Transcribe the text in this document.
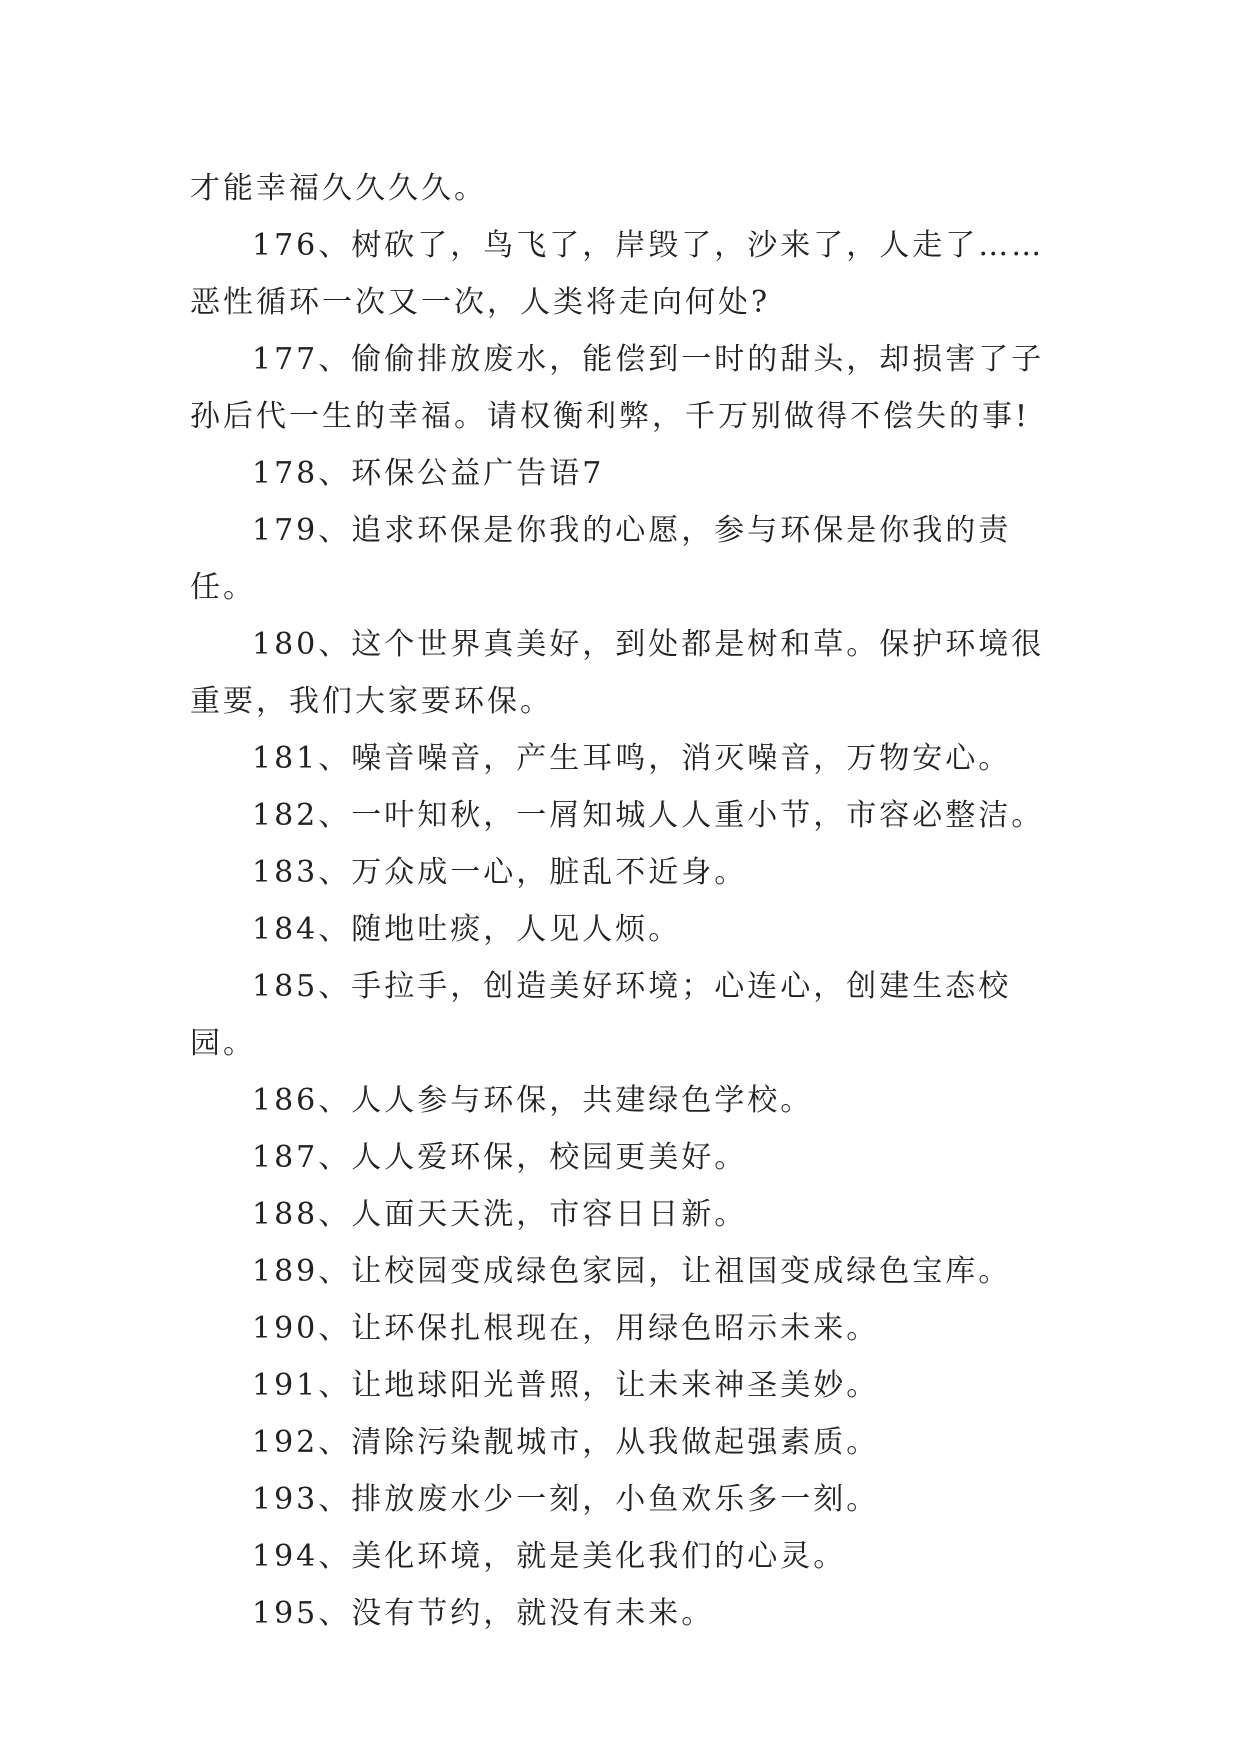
才能幸福久久久久。

176、树砍了，鸟飞了，岸毁了，沙来了，人走了……恶性循环一次又一次，人类将走向何处?

177、偷偷排放废水，能偿到一时的甜头，却损害了子孙后代一生的幸福。请权衡利弊，千万别做得不偿失的事!

178、环保公益广告语7

179、追求环保是你我的心愿，参与环保是你我的责任。

180、这个世界真美好，到处都是树和草。保护环境很重要，我们大家要环保。

181、噪音噪音，产生耳鸣，消灭噪音，万物安心。

182、一叶知秋，一屑知城人人重小节，市容必整洁。

183、万众成一心，脏乱不近身。

184、随地吐痰，人见人烦。

185、手拉手，创造美好环境；心连心，创建生态校园。

186、人人参与环保，共建绿色学校。

187、人人爱环保，校园更美好。

188、人面天天洗，市容日日新。

189、让校园变成绿色家园，让祖国变成绿色宝库。

190、让环保扎根现在，用绿色昭示未来。

191、让地球阳光普照，让未来神圣美妙。

192、清除污染靓城市，从我做起强素质。

193、排放废水少一刻，小鱼欢乐多一刻。

194、美化环境，就是美化我们的心灵。

195、没有节约，就没有未来。
